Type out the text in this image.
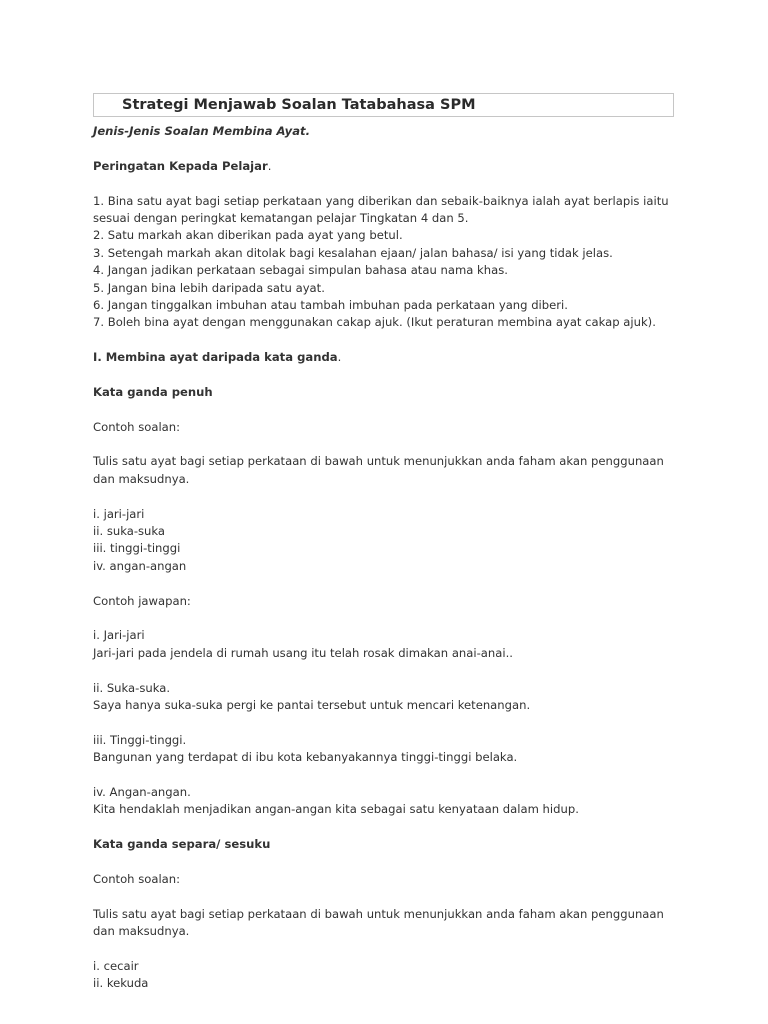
Strategi Menjawab Soalan Tatabahasa SPM
Jenis-Jenis Soalan Membina Ayat.
Peringatan Kepada Pelajar.
1. Bina satu ayat bagi setiap perkataan yang diberikan dan sebaik-baiknya ialah ayat berlapis iaitu
sesuai dengan peringkat kematangan pelajar Tingkatan 4 dan 5.
2. Satu markah akan diberikan pada ayat yang betul.
3. Setengah markah akan ditolak bagi kesalahan ejaan/ jalan bahasa/ isi yang tidak jelas.
4. Jangan jadikan perkataan sebagai simpulan bahasa atau nama khas.
5. Jangan bina lebih daripada satu ayat.
6. Jangan tinggalkan imbuhan atau tambah imbuhan pada perkataan yang diberi.
7. Boleh bina ayat dengan menggunakan cakap ajuk. (Ikut peraturan membina ayat cakap ajuk).
I. Membina ayat daripada kata ganda.
Kata ganda penuh
Contoh soalan:
Tulis satu ayat bagi setiap perkataan di bawah untuk menunjukkan anda faham akan penggunaan
dan maksudnya.
i. jari-jari
ii. suka-suka
iii. tinggi-tinggi
iv. angan-angan
Contoh jawapan:
i. Jari-jari
Jari-jari pada jendela di rumah usang itu telah rosak dimakan anai-anai..
ii. Suka-suka.
Saya hanya suka-suka pergi ke pantai tersebut untuk mencari ketenangan.
iii. Tinggi-tinggi.
Bangunan yang terdapat di ibu kota kebanyakannya tinggi-tinggi belaka.
iv. Angan-angan.
Kita hendaklah menjadikan angan-angan kita sebagai satu kenyataan dalam hidup.
Kata ganda separa/ sesuku
Contoh soalan:
Tulis satu ayat bagi setiap perkataan di bawah untuk menunjukkan anda faham akan penggunaan
dan maksudnya.
i. cecair
ii. kekuda
